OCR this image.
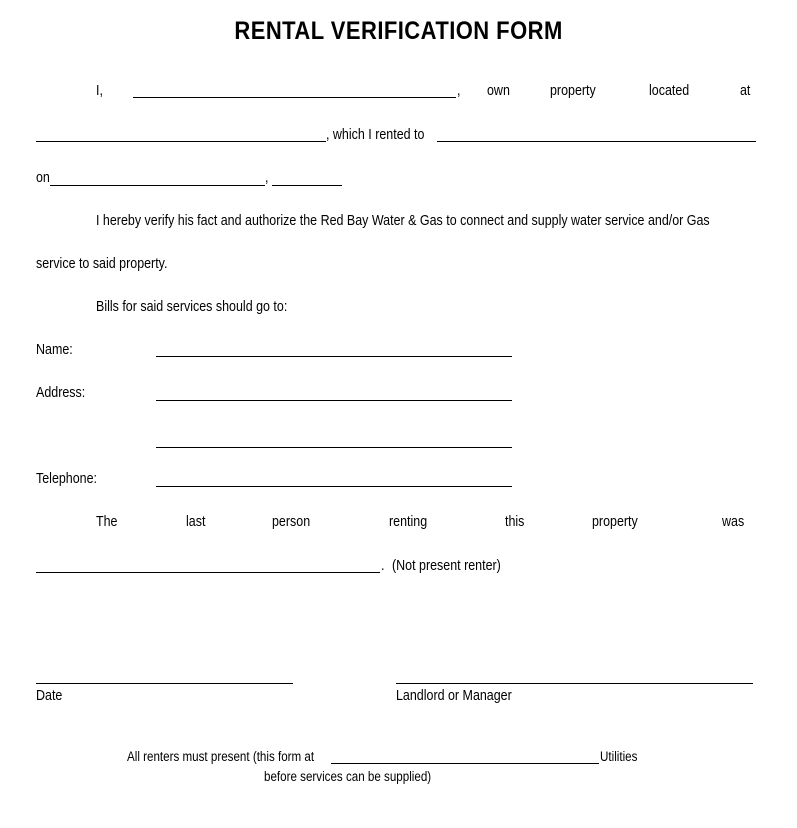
RENTAL VERIFICATION FORM
I,	, own	property	located	at
, which I rented to
on	,
I hereby verify his fact and authorize the Red Bay Water & Gas to connect and supply water service and/or Gas
service to said property.
Bills for said services should go to:
Name:
Address:
Telephone:
The	last	person	renting	this	property	was
. (Not present renter)
Date	Landlord or Manager
All renters must present (this form at	Utilities
before services can be supplied)
